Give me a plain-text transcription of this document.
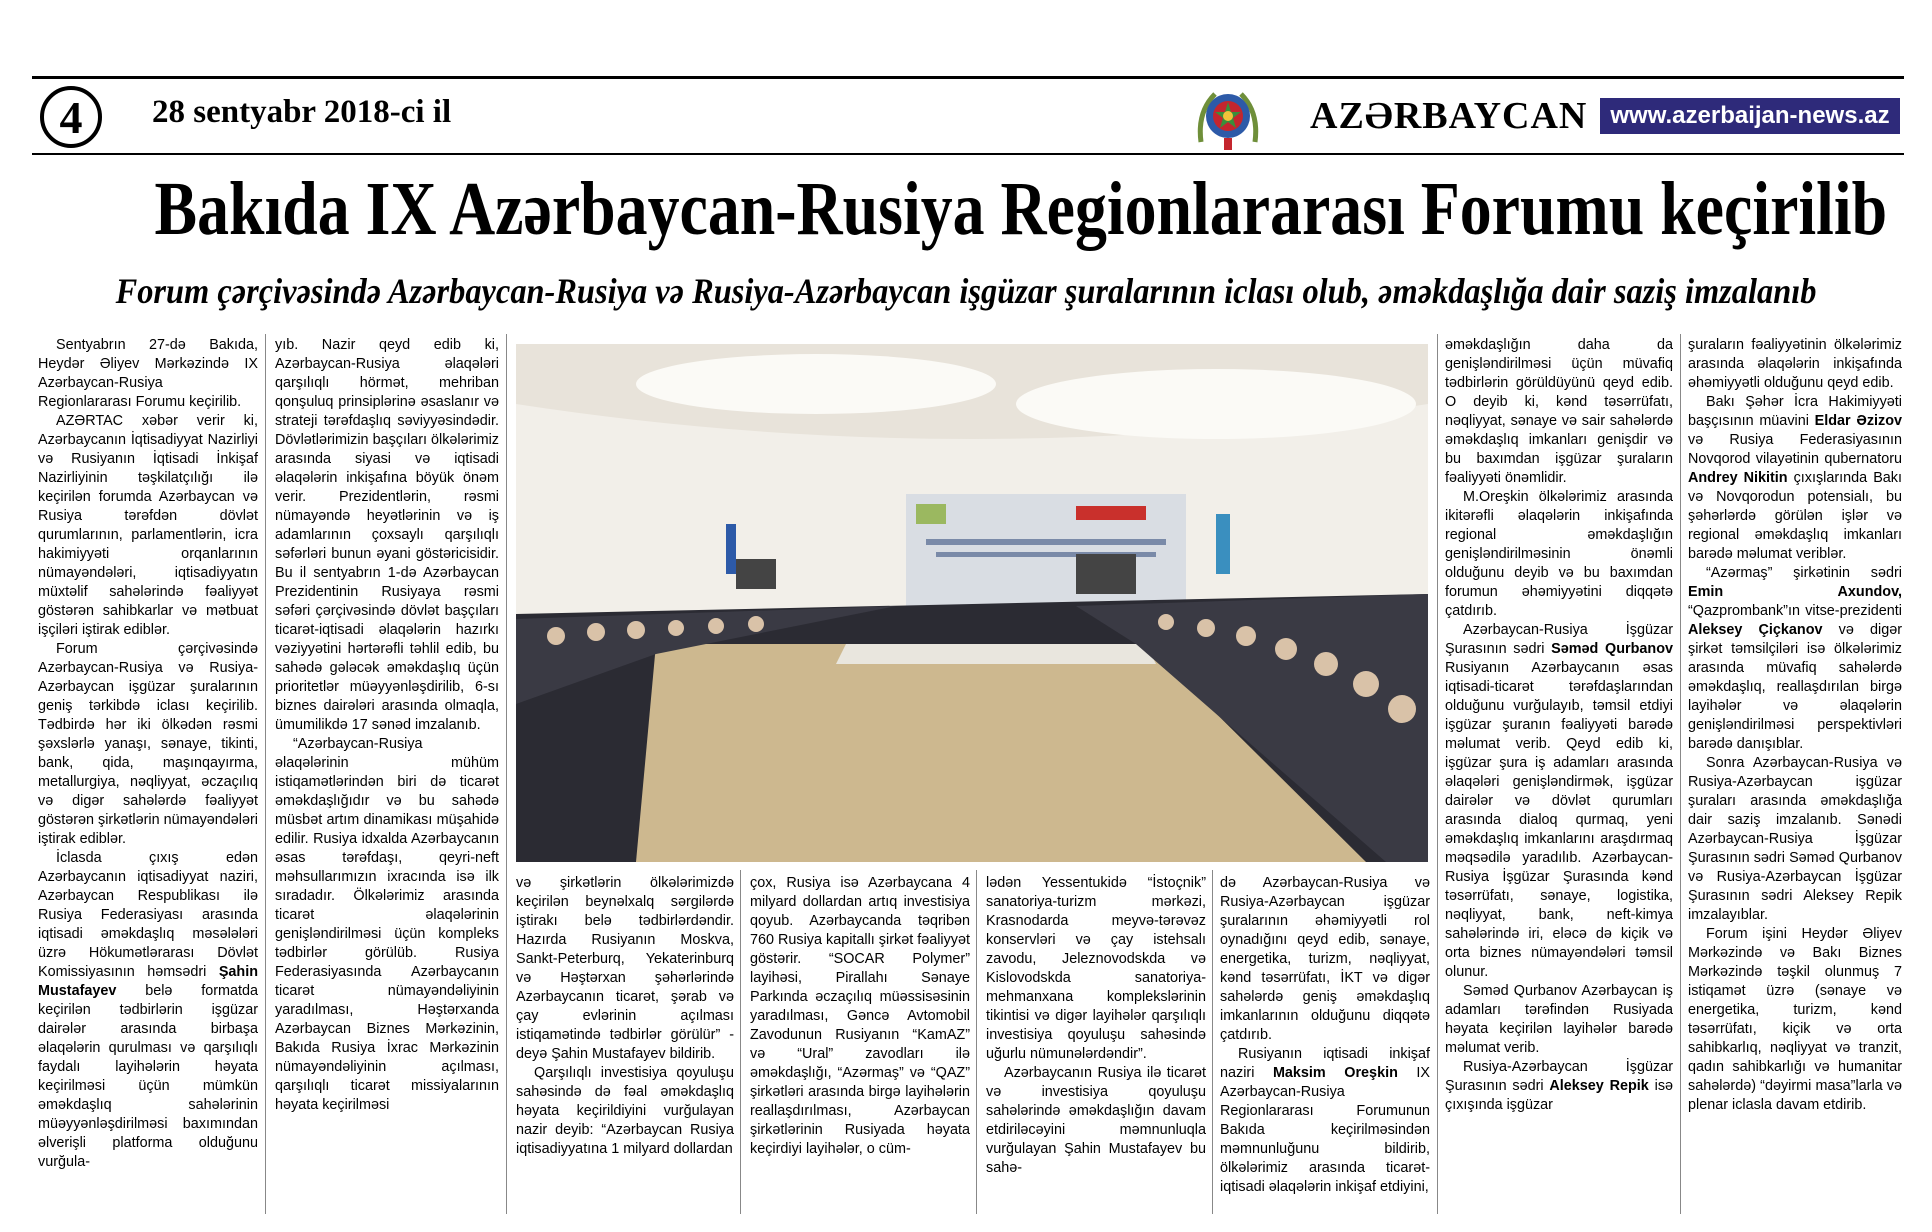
4	28 sentyabr 2018-ci il	AZƏRBAYCAN www.azerbaijan-news.az
Bakıda IX Azərbaycan-Rusiya Regionlararası Forumu keçirilib
Forum çərçivəsində Azərbaycan-Rusiya və Rusiya-Azərbaycan işgüzar şuralarının iclası olub, əməkdaşlığa dair saziş imzalanıb

Sentyabrın 27-də Bakıda, Heydər Əliyev Mərkəzində IX Azərbaycan-Rusiya Regionlararası Forumu keçirilib.

AZƏRTAC xəbər verir ki, Azərbaycanın İqtisadiyyat Nazirliyi və Rusiyanın İqtisadi İnkişaf Nazirliyinin təşkilatçılığı ilə keçirilən forumda Azərbaycan və Rusiya tərəfdən dövlət qurumlarının, parlamentlərin, icra hakimiyyəti orqanlarının nümayəndələri, iqtisadiyyatın müxtəlif sahələrində fəaliyyət göstərən sahibkarlar və mətbuat işçiləri iştirak ediblər.

Forum çərçivəsində Azərbaycan-Rusiya və Rusiya-Azərbaycan işgüzar şuralarının geniş tərkibdə iclası keçirilib. Tədbirdə hər iki ölkədən rəsmi şəxslərlə yanaşı, sənaye, tikinti, bank, qida, maşınqayırma, metallurgiya, nəqliyyat, əczaçılıq və digər sahələrdə fəaliyyət göstərən şirkətlərin nümayəndələri iştirak ediblər.

İclasda çıxış edən Azərbaycanın iqtisadiyyat naziri, Azərbaycan Respublikası ilə Rusiya Federasiyası arasında iqtisadi əməkdaşlıq məsələləri üzrə Hökumətlərarası Dövlət Komissiyasının həmsədri Şahin Mustafayev belə formatda keçirilən tədbirlərin işgüzar dairələr arasında birbaşa əlaqələrin qurulması və qarşılıqlı faydalı layihələrin həyata keçirilməsi üçün mümkün əməkdaşlıq sahələrinin müəyyənləşdirilməsi baxımından əlverişli platforma olduğunu vurğula-

yıb. Nazir qeyd edib ki, Azərbaycan-Rusiya əlaqələri qarşılıqlı hörmət, mehriban qonşuluq prinsiplərinə əsaslanır və strateji tərəfdaşlıq səviyyəsindədir. Dövlətlərimizin başçıları ölkələrimiz arasında siyasi və iqtisadi əlaqələrin inkişafına böyük önəm verir. Prezidentlərin, rəsmi nümayəndə heyətlərinin və iş adamlarının çoxsaylı qarşılıqlı səfərləri bunun əyani göstəricisidir. Bu il sentyabrın 1-də Azərbaycan Prezidentinin Rusiyaya rəsmi səfəri çərçivəsində dövlət başçıları ticarət-iqtisadi əlaqələrin hazırkı vəziyyətini hərtərəfli təhlil edib, bu sahədə gələcək əməkdaşlıq üçün prioritetlər müəyyənləşdirilib, 6-sı biznes dairələri arasında olmaqla, ümumilikdə 17 sənəd imzalanıb.

“Azərbaycan-Rusiya əlaqələrinin mühüm istiqamətlərindən biri də ticarət əməkdaşlığıdır və bu sahədə müsbət artım dinamikası müşahidə edilir. Rusiya idxalda Azərbaycanın əsas tərəfdaşı, qeyri-neft məhsullarımızın ixracında isə ilk sıradadır. Ölkələrimiz arasında ticarət əlaqələrinin genişləndirilməsi üçün kompleks tədbirlər görülüb. Rusiya Federasiyasında Azərbaycanın ticarət nümayəndəliyinin yaradılması, Həştərxanda Azərbaycan Biznes Mərkəzinin, Bakıda Rusiya İxrac Mərkəzinin nümayəndəliyinin açılması, qarşılıqlı ticarət missiyalarının həyata keçirilməsi

və şirkətlərin ölkələrimizdə keçirilən beynəlxalq sərgilərdə iştirakı belə tədbirlərdəndir. Hazırda Rusiyanın Moskva, Sankt-Peterburq, Yekaterinburq və Həştərxan şəhərlərində Azərbaycanın ticarət, şərab və çay evlərinin açılması istiqamətində tədbirlər görülür” - deyə Şahin Mustafayev bildirib.

Qarşılıqlı investisiya qoyuluşu sahəsində də fəal əməkdaşlıq həyata keçirildiyini vurğulayan nazir deyib: “Azərbaycan Rusiya iqtisadiyyatına 1 milyard dollardan

çox, Rusiya isə Azərbaycana 4 milyard dollardan artıq investisiya qoyub. Azərbaycanda təqribən 760 Rusiya kapitallı şirkət fəaliyyət göstərir. “SOCAR Polymer” layihəsi, Pirallahı Sənaye Parkında əczaçılıq müəssisəsinin yaradılması, Gəncə Avtomobil Zavodunun Rusiyanın “KamAZ” və “Ural” zavodları ilə əməkdaşlığı, “Azərmaş” və “QAZ” şirkətləri arasında birgə layihələrin reallaşdırılması, Azərbaycan şirkətlərinin Rusiyada həyata keçirdiyi layihələr, o cüm-

lədən Yessentukidə “İstoçnik” sanatoriya-turizm mərkəzi, Krasnodarda meyvə-tərəvəz konservləri və çay istehsalı zavodu, Jeleznovodskda və Kislovodskda sanatoriya-mehmanxana komplekslərinin tikintisi və digər layihələr qarşılıqlı investisiya qoyuluşu sahəsində uğurlu nümunələrdəndir”.

Azərbaycanın Rusiya ilə ticarət və investisiya qoyuluşu sahələrində əməkdaşlığın davam etdiriləcəyini məmnunluqla vurğulayan Şahin Mustafayev bu sahə-

də Azərbaycan-Rusiya və Rusiya-Azərbaycan işgüzar şuralarının əhəmiyyətli rol oynadığını qeyd edib, sənaye, energetika, turizm, nəqliyyat, kənd təsərrüfatı, İKT və digər sahələrdə geniş əməkdaşlıq imkanlarının olduğunu diqqətə çatdırıb.

Rusiyanın iqtisadi inkişaf naziri Maksim Oreşkin IX Azərbaycan-Rusiya Regionlararası Forumunun Bakıda keçirilməsindən məmnunluğunu bildirib, ölkələrimiz arasında ticarət-iqtisadi əlaqələrin inkişaf etdiyini,

əməkdaşlığın daha da genişləndirilməsi üçün müvafiq tədbirlərin görüldüyünü qeyd edib. O deyib ki, kənd təsərrüfatı, nəqliyyat, sənaye və sair sahələrdə əməkdaşlıq imkanları genişdir və bu baxımdan işgüzar şuraların fəaliyyəti önəmlidir.

M.Oreşkin ölkələrimiz arasında ikitərəfli əlaqələrin inkişafında regional əməkdaşlığın genişləndirilməsinin önəmli olduğunu deyib və bu baxımdan forumun əhəmiyyətini diqqətə çatdırıb.

Azərbaycan-Rusiya İşgüzar Şurasının sədri Səməd Qurbanov Rusiyanın Azərbaycanın əsas iqtisadi-ticarət tərəfdaşlarından olduğunu vurğulayıb, təmsil etdiyi işgüzar şuranın fəaliyyəti barədə məlumat verib. Qeyd edib ki, işgüzar şura iş adamları arasında əlaqələri genişləndirmək, işgüzar dairələr və dövlət qurumları arasında dialoq qurmaq, yeni əməkdaşlıq imkanlarını araşdırmaq məqsədilə yaradılıb. Azərbaycan-Rusiya İşgüzar Şurasında kənd təsərrüfatı, sənaye, logistika, nəqliyyat, bank, neft-kimya sahələrində iri, eləcə də kiçik və orta biznes nümayəndələri təmsil olunur.

Səməd Qurbanov Azərbaycan iş adamları tərəfindən Rusiyada həyata keçirilən layihələr barədə məlumat verib.

Rusiya-Azərbaycan İşgüzar Şurasının sədri Aleksey Repik isə çıxışında işgüzar

şuraların fəaliyyətinin ölkələrimiz arasında əlaqələrin inkişafında əhəmiyyətli olduğunu qeyd edib.

Bakı Şəhər İcra Hakimiyyəti başçısının müavini Eldar Əzizov və Rusiya Federasiyasının Novqorod vilayətinin qubernatoru Andrey Nikitin çıxışlarında Bakı və Novqorodun potensialı, bu şəhərlərdə görülən işlər və regional əməkdaşlıq imkanları barədə məlumat veriblər.

“Azərmaş” şirkətinin sədri Emin Axundov, “Qazprombank”ın vitse-prezidenti Aleksey Çiçkanov və digər şirkət təmsilçiləri isə ölkələrimiz arasında müvafiq sahələrdə əməkdaşlıq, reallaşdırılan birgə layihələr və əlaqələrin genişləndirilməsi perspektivləri barədə danışıblar.

Sonra Azərbaycan-Rusiya və Rusiya-Azərbaycan işgüzar şuraları arasında əməkdaşlığa dair saziş imzalanıb. Sənədi Azərbaycan-Rusiya İşgüzar Şurasının sədri Səməd Qurbanov və Rusiya-Azərbaycan İşgüzar Şurasının sədri Aleksey Repik imzalayıblar.

Forum işini Heydər Əliyev Mərkəzində və Bakı Biznes Mərkəzində təşkil olunmuş 7 istiqamət üzrə (sənaye və energetika, turizm, kənd təsərrüfatı, kiçik və orta sahibkarlıq, nəqliyyat və tranzit, qadın sahibkarlığı və humanitar sahələrdə) “dəyirmi masa”larla və plenar iclasla davam etdirib.
